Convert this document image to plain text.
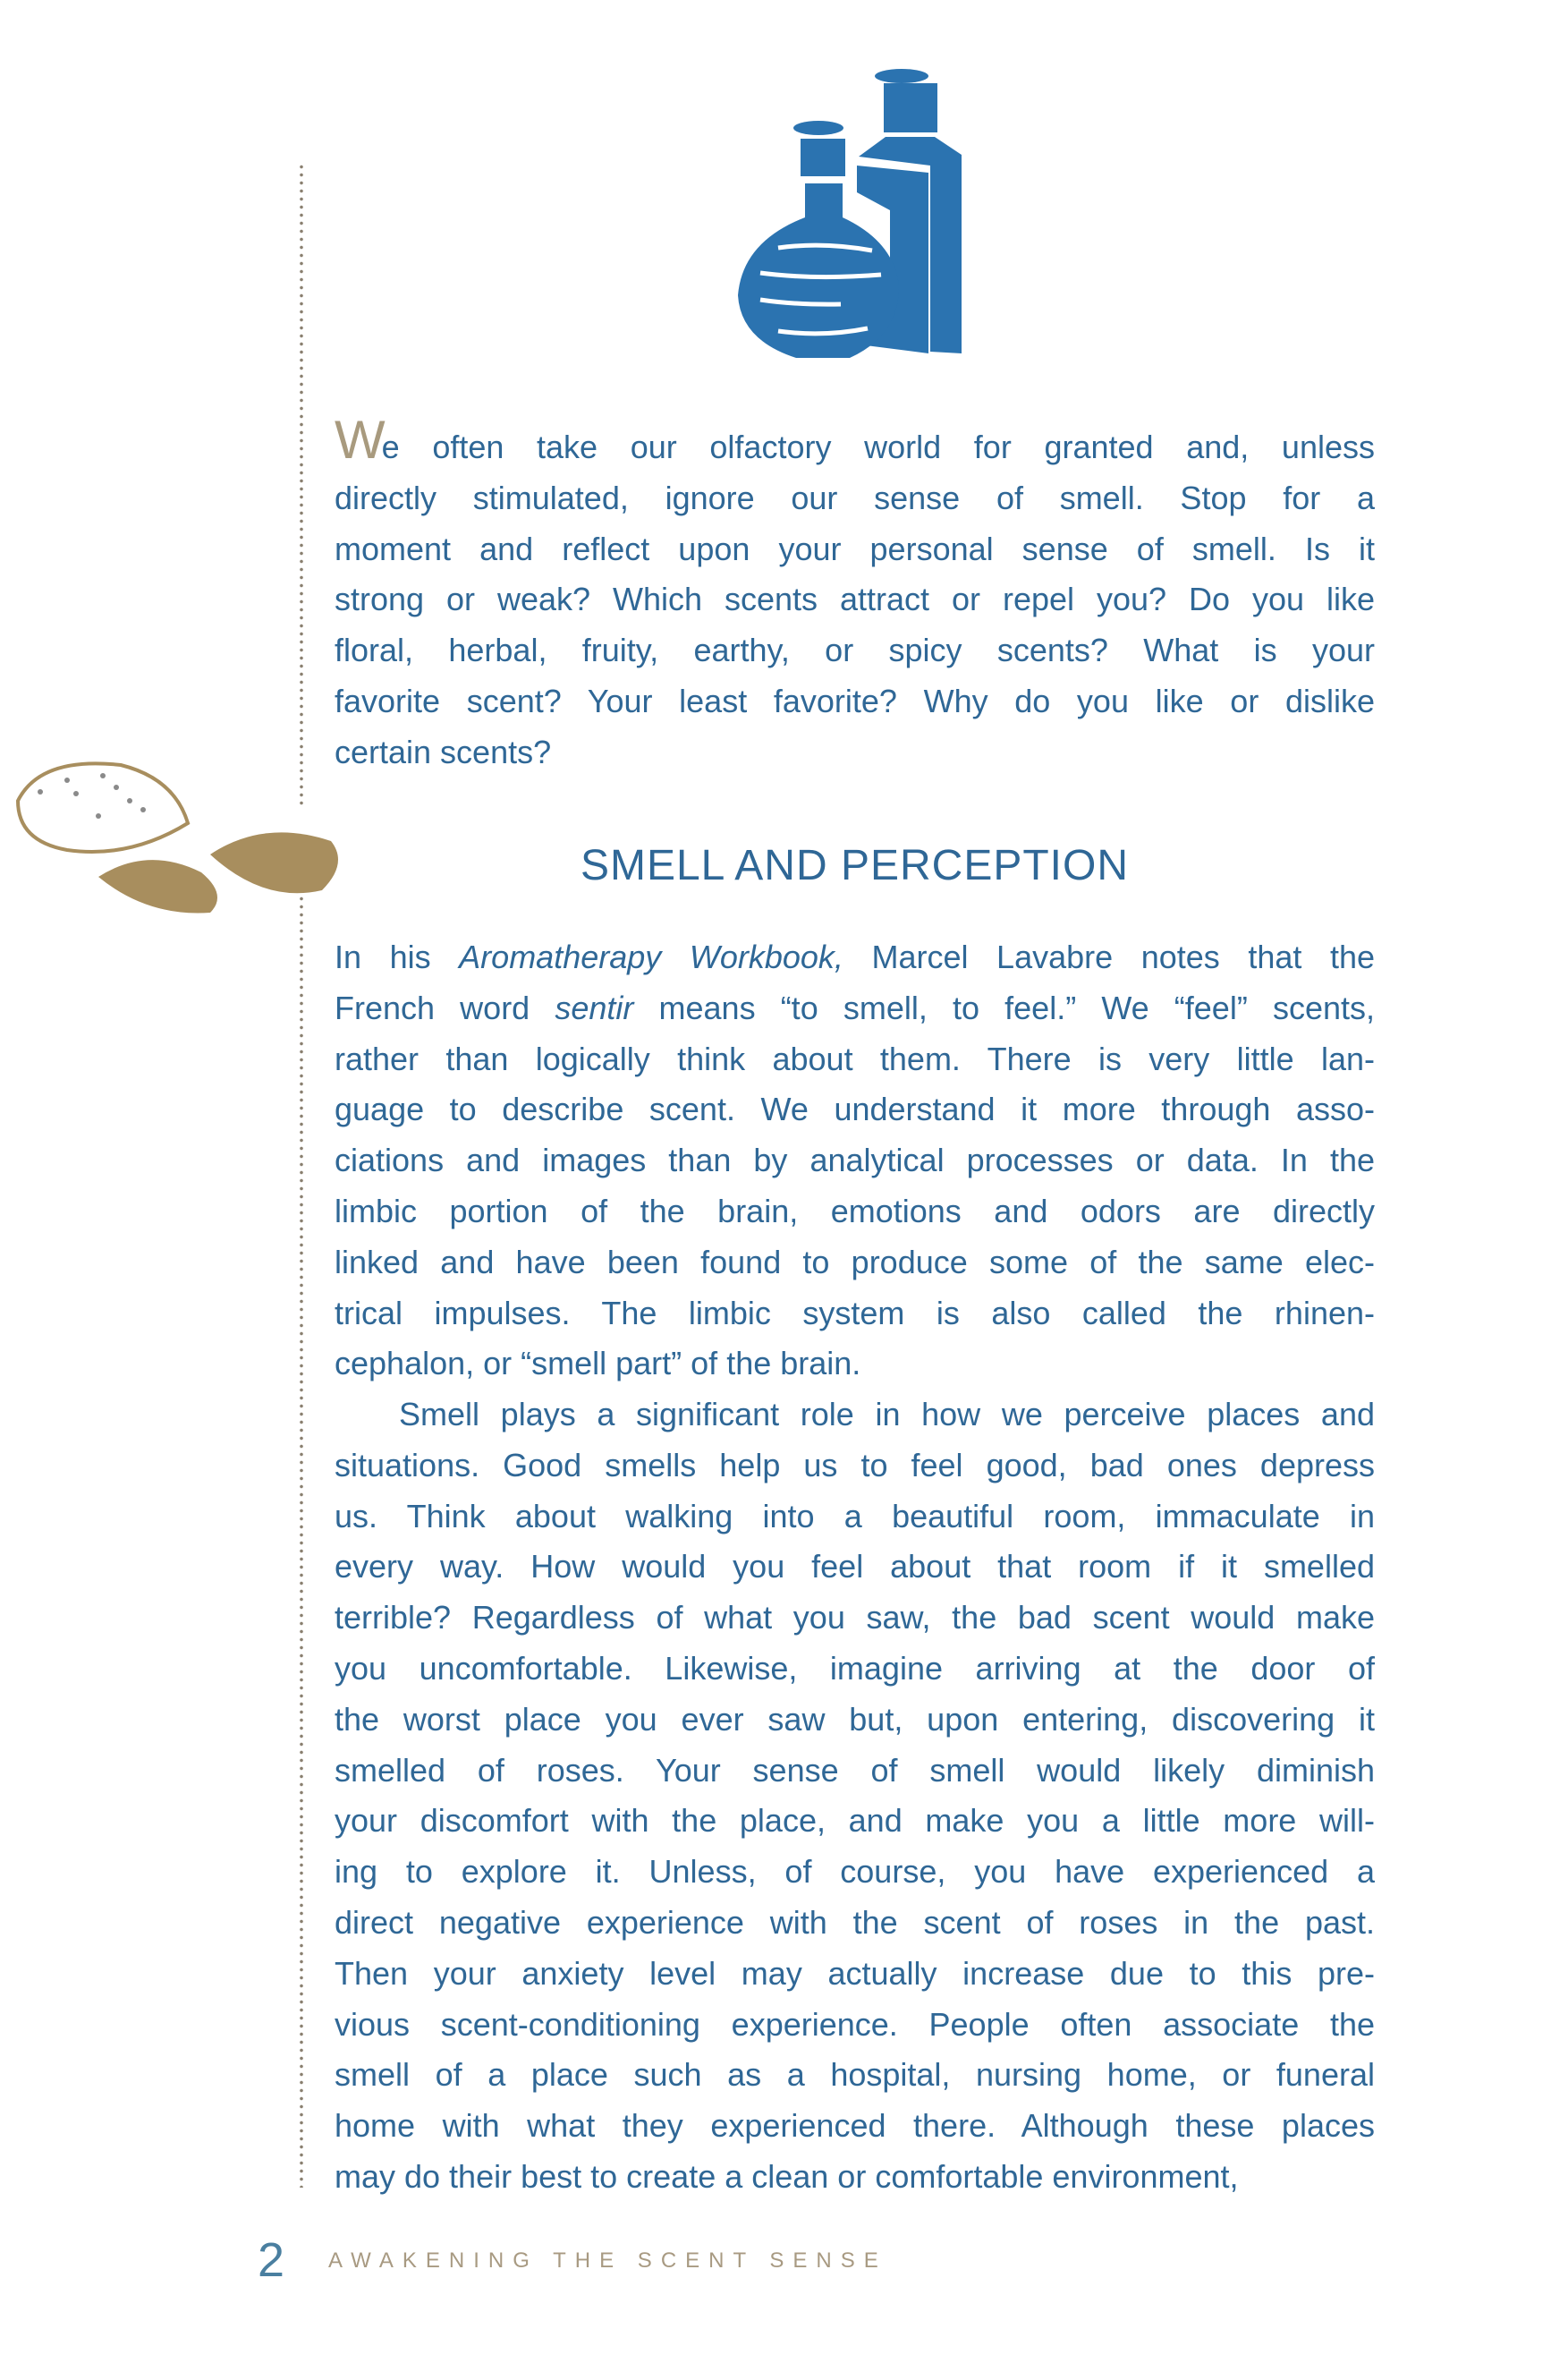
We often take our olfactory world for granted and, unless
directly stimulated, ignore our sense of smell. Stop for a
moment and reflect upon your personal sense of smell. Is it
strong or weak? Which scents attract or repel you? Do you like
floral, herbal, fruity, earthy, or spicy scents? What is your
favorite scent? Your least favorite? Why do you like or dislike
certain scents?
SMELL AND PERCEPTION
In his Aromatherapy Workbook, Marcel Lavabre notes that the
French word sentir means “to smell, to feel.” We “feel” scents,
rather than logically think about them. There is very little lan-
guage to describe scent. We understand it more through asso-
ciations and images than by analytical processes or data. In the
limbic portion of the brain, emotions and odors are directly
linked and have been found to produce some of the same elec-
trical impulses. The limbic system is also called the rhinen-
cephalon, or “smell part” of the brain.
Smell plays a significant role in how we perceive places and
situations. Good smells help us to feel good, bad ones depress
us. Think about walking into a beautiful room, immaculate in
every way. How would you feel about that room if it smelled
terrible? Regardless of what you saw, the bad scent would make
you uncomfortable. Likewise, imagine arriving at the door of
the worst place you ever saw but, upon entering, discovering it
smelled of roses. Your sense of smell would likely diminish
your discomfort with the place, and make you a little more will-
ing to explore it. Unless, of course, you have experienced a
direct negative experience with the scent of roses in the past.
Then your anxiety level may actually increase due to this pre-
vious scent-conditioning experience. People often associate the
smell of a place such as a hospital, nursing home, or funeral
home with what they experienced there. Although these places
may do their best to create a clean or comfortable environment,
2 AWAKENING THE SCENT SENSE
